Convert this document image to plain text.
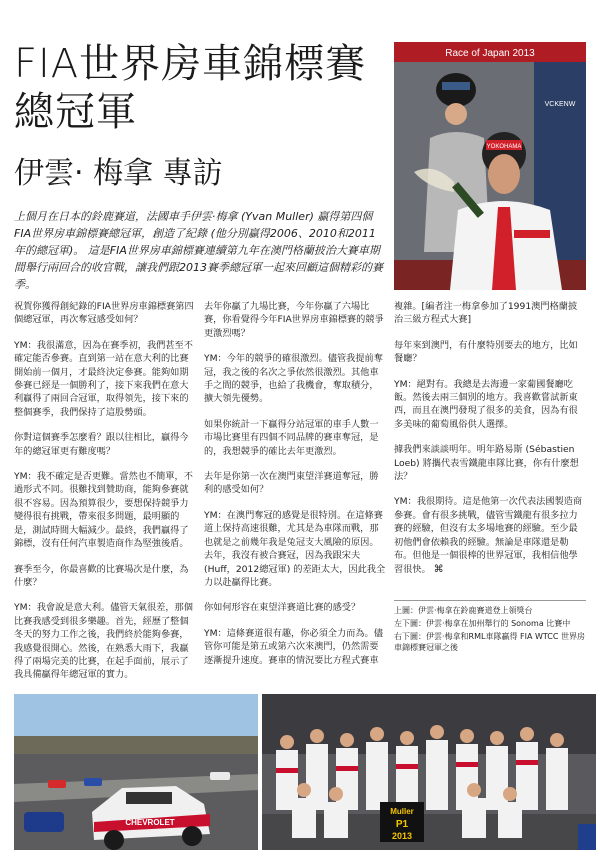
FIA世界房車錦標賽總冠軍
伊雲‧ 梅拿 專訪
Race of Japan 2013
VCKENW
YOKOHAMA
上個月在日本的鈴鹿賽道，法國車手伊雲‧梅拿 (Yvan Muller) 贏得第四個FIA世界房車錦標賽總冠軍，創造了紀錄 (他分別贏得2006、2010和2011年的總冠軍)。 這是FIA世界房車錦標賽連續第九年在澳門格蘭披治大賽車期間舉行兩回合的收官戰，讓我們跟2013賽季總冠軍一起來回顧這個精彩的賽季。

祝賀你獲得創紀錄的FIA世界房車錦標賽第四個總冠軍，再次奪冠感受如何？

YM：我很滿意，因為在賽季初，我們甚至不確定能否參賽。直到第一站在意大利的比賽開始前一個月，才最終決定參賽。能夠如期參賽已經是一個勝利了，接下來我們在意大利贏得了兩回合冠軍，取得領先，接下來的整個賽季，我們保持了這股勢頭。

你對這個賽季怎麼看？跟以往相比，贏得今年的總冠軍更有難度嗎？

YM：我不確定是否更難。當然也不簡單，不過形式不同。很難找到贊助商，能夠參賽就很不容易。因為預算很少，要想保持競爭力變得很有挑戰，帶來很多問題，最明顯的是，測試時間大幅減少。最終，我們贏得了錦標，沒有任何汽車製造商作為堅強後盾。

賽季至今，你最喜歡的比賽場次是什麼，為什麼？

YM：我會說是意大利。儘管天氣很差，那個比賽我感受到很多樂趣。首先，經歷了整個冬天的努力工作之後，我們終於能夠參賽，我感覺很開心。然後，在熟悉大雨下，我贏得了兩場完美的比賽，在起手面前，展示了我具備贏得年總冠軍的實力。

去年你贏了九場比賽，今年你贏了六場比賽，你看覺得今年FIA世界房車錦標賽的競爭更激烈嗎？

YM：今年的競爭的確很激烈。儘管我提前奪冠，我之後的名次之爭依然很激烈。其他車手之間的競爭，也給了我機會，奪取積分，擴大領先優勢。

如果你統計一下贏得分站冠軍的車手人數一市場比賽里有四個不同品牌的賽車奪冠，是的，我想競爭的確比去年更激烈。

去年是你第一次在澳門東望洋賽道奪冠，勝利的感受如何？

YM：在澳門奪冠的感覺是很特別。在這條賽道上保持高速很難，尤其是為車隊而戰，那也就是之前幾年我是兔冠支大風險的原因。去年，我沒有被合賽冠，因為我跟宋夫 (Huff，2012總冠軍) 的差距太大，因此我全力以赴贏得比賽。

你如何形容在東望洋賽道比賽的感受？

YM：這條賽道很有趣，你必須全力而為。儘管你可能是第五或第六次來澳門，仍然需要逐漸提升速度。賽車的情況要比方程式賽車

複雜。[編者注一梅拿參加了1991澳門格蘭披治三級方程式大賽]

每年來到澳門，有什麼特別要去的地方，比如餐廳？

YM：絕對有。我總是去海邊一家葡國餐廳吃飯。然後去兩三個別的地方。我喜歡嘗試新東西，而且在澳門發現了很多的美食，因為有很多美味的葡萄風俗供人選擇。

據我們來談談明年。明年路易斯 (Sébastien Loeb) 將攜代表雪鐵龍車隊比賽，你有什麼想法？

YM：我很期待。這是他第一次代表法國製造商參賽。會有很多挑戰，儘管雪鐵龍有很多拉力賽的經驗，但沒有太多場地賽的經驗。至少最初他們會依賴我的經驗。無論是車隊還是勒布。但他是一個很棒的世界冠軍，我相信他學習很快。 ⌘

上圖：伊雲‧梅拿在鈴鹿賽道登上領獎台

左下圖：伊雲‧梅拿在加州舉行的 Sonoma 比賽中

右下圖：伊雲‧梅拿和RML車隊贏得 FIA WTCC 世界房車錦標賽冠軍之後

CHEVROLET
Muller
P1
2013
